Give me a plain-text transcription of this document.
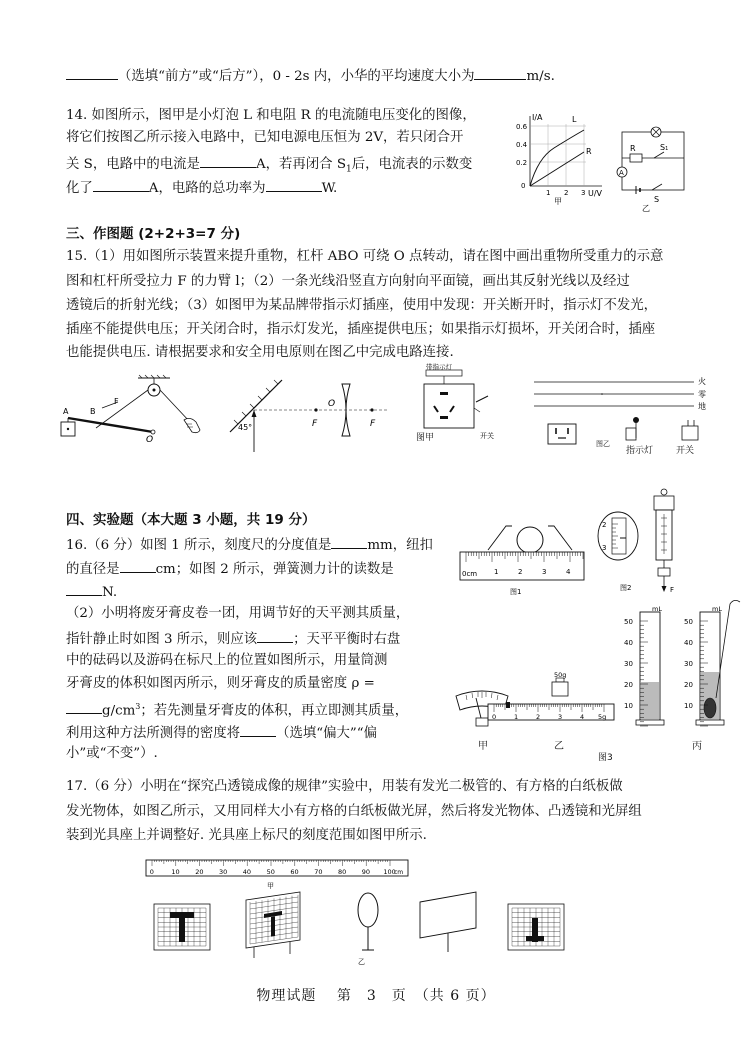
（选填“前方”或“后方”），0 - 2s 内，小华的平均速度大小为	m/s.
14. 如图所示，图甲是小灯泡 L 和电阻 R 的电流随电压变化的图像，
将它们按图乙所示接入电路中，已知电源电压恒为 2V，若只闭合开
关 S，电路中的电流是	A，若再闭合 $S_1$后，电流表的示数变
化了	A，电路的总功率为	W.
I/A
U/V
0.6
0.4
0.2
0
1 2 3
L
R
甲
R	S1
A
S
乙
三、作图题 (2+2+3=7 分)
15.（1）用如图所示装置来提升重物，杠杆 ABO 可绕 O 点转动，请在图中画出重物所受重力的示意
图和杠杆所受拉力 F 的力臂 l；（2）一条光线沿竖直方向射向平面镜，画出其反射光线以及经过
透镜后的折射光线；（3）如图甲为某品牌带指示灯插座，使用中发现：开关断开时，指示灯不发光，
插座不能提供电压；开关闭合时，指示灯发光，插座提供电压；如果指示灯损坏，开关闭合时，插座
也能提供电压. 请根据要求和安全用电原则在图乙中完成电路连接.
A	B
F
O
45°	F
O
F
带指示灯
开关
图甲
火
零
地
指示灯	开关
图乙
四、实验题（本大题 3 小题，共 19 分）
16.（6 分）如图 1 所示，刻度尺的分度值是	mm，纽扣
的直径是	cm；如图 2 所示，弹簧测力计的读数是
N.
（2）小明将废牙膏皮卷一团，用调节好的天平测其质量，
指针静止时如图 3 所示，则应该	；天平平衡时右盘
中的砝码以及游码在标尺上的位置如图所示，用量筒测
牙膏皮的体积如图丙所示，则牙膏皮的质量密度 ρ =
$g/cm^3$；若先测量牙膏皮的体积，再立即测其质量，
利用这种方法所测得的密度将	（选填“偏大”“偏
小”或“不变”）.
0cm 1	2	3	4
图1
2
3
F
图2
50g
0	1	2	3	4 5g
mL	mL
50
40
30
20
10
50
40
30
20
10
甲	乙	丙
图3
17.（6 分）小明在“探究凸透镜成像的规律”实验中，用装有发光二极管的、有方格的白纸板做
发光物体，如图乙所示，又用同样大小有方格的白纸板做光屏，然后将发光物体、凸透镜和光屏组
装到光具座上并调整好. 光具座上标尺的刻度范围如图甲所示.
甲
0	10 20 30 40 50 60 70 80 90 100
cm
乙
物理试题　 第　3　页　（共 6 页）
